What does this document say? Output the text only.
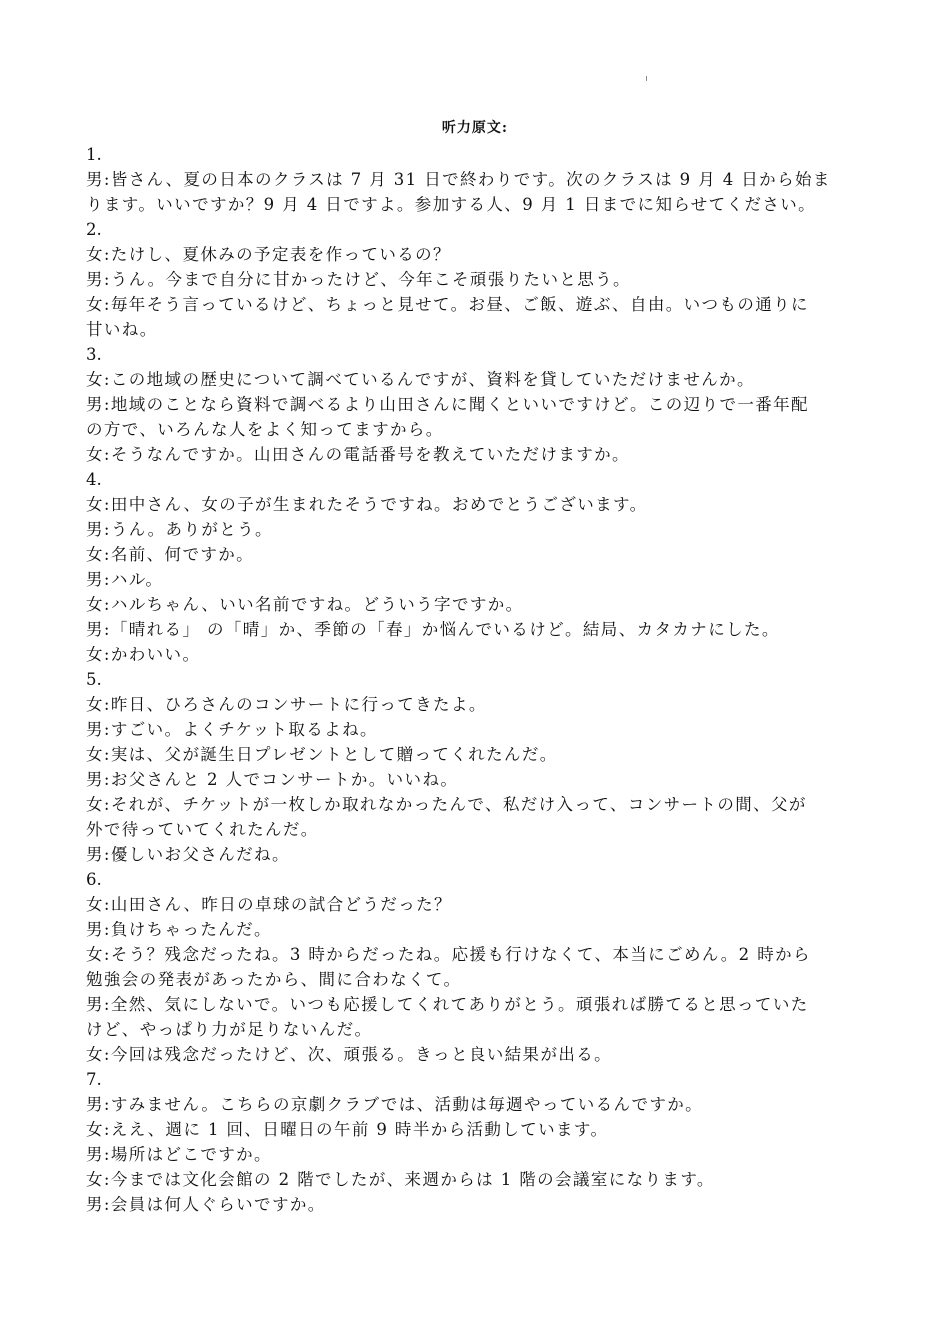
听力原文:
1.
男:皆さん、夏の日本のクラスは 7 月 31 日で終わりです。次のクラスは 9 月 4 日から始ま
ります。いいですか？9 月 4 日ですよ。参加する人、9 月 1 日までに知らせてください。
2.
女:たけし、夏休みの予定表を作っているの？
男:うん。今まで自分に甘かったけど、今年こそ頑張りたいと思う。
女:毎年そう言っているけど、ちょっと見せて。お昼、ご飯、遊ぶ、自由。いつもの通りに
甘いね。
3.
女:この地域の歴史について調べているんですが、資料を貸していただけませんか。
男:地域のことなら資料で調べるより山田さんに聞くといいですけど。この辺りで一番年配
の方で、いろんな人をよく知ってますから。
女:そうなんですか。山田さんの電話番号を教えていただけますか。
4.
女:田中さん、女の子が生まれたそうですね。おめでとうございます。
男:うん。ありがとう。
女:名前、何ですか。
男:ハル。
女:ハルちゃん、いい名前ですね。どういう字ですか。
男:「晴れる」 の「晴」か、季節の「春」か悩んでいるけど。結局、カタカナにした。
女:かわいい。
5.
女:昨日、ひろさんのコンサートに行ってきたよ。
男:すごい。よくチケット取るよね。
女:実は、父が誕生日プレゼントとして贈ってくれたんだ。
男:お父さんと 2 人でコンサートか。いいね。
女:それが、チケットが一枚しか取れなかったんで、私だけ入って、コンサートの間、父が
外で待っていてくれたんだ。
男:優しいお父さんだね。
6.
女:山田さん、昨日の卓球の試合どうだった？
男:負けちゃったんだ。
女:そう？残念だったね。3 時からだったね。応援も行けなくて、本当にごめん。2 時から
勉強会の発表があったから、間に合わなくて。
男:全然、気にしないで。いつも応援してくれてありがとう。頑張れば勝てると思っていた
けど、やっぱり力が足りないんだ。
女:今回は残念だったけど、次、頑張る。きっと良い結果が出る。
7.
男:すみません。こちらの京劇クラブでは、活動は毎週やっているんですか。
女:ええ、週に 1 回、日曜日の午前 9 時半から活動しています。
男:場所はどこですか。
女:今までは文化会館の 2 階でしたが、来週からは 1 階の会議室になります。
男:会員は何人ぐらいですか。
